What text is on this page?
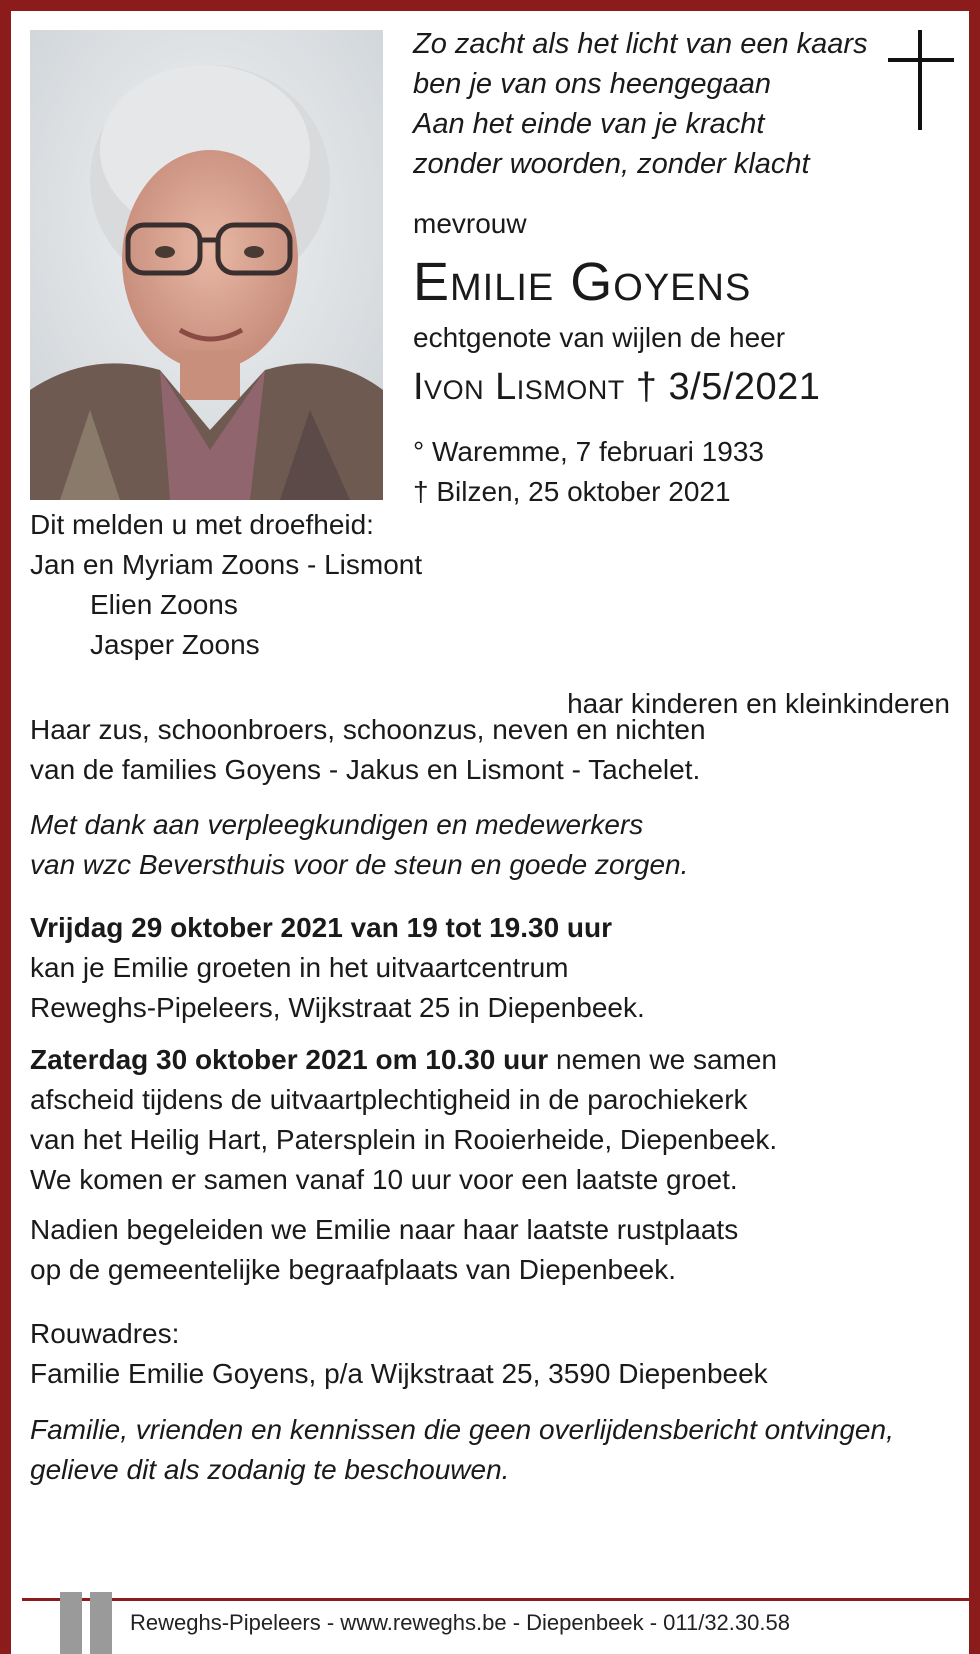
Zo zacht als het licht van een kaars
ben je van ons heengegaan
Aan het einde van je kracht
zonder woorden, zonder klacht
mevrouw
Emilie Goyens
echtgenote van wijlen de heer
Ivon Lismont † 3/5/2021
° Waremme, 7 februari 1933
† Bilzen, 25 oktober 2021
Dit melden u met droefheid:
Jan en Myriam Zoons - Lismont
Elien Zoons
Jasper Zoons
haar kinderen en kleinkinderen
Haar zus, schoonbroers, schoonzus, neven en nichten
van de families Goyens - Jakus en Lismont - Tachelet.
Met dank aan verpleegkundigen en medewerkers
van wzc Beversthuis voor de steun en goede zorgen.
Vrijdag 29 oktober 2021 van 19 tot 19.30 uur
kan je Emilie groeten in het uitvaartcentrum
Reweghs-Pipeleers, Wijkstraat 25 in Diepenbeek.
Zaterdag 30 oktober 2021 om 10.30 uur nemen we samen
afscheid tijdens de uitvaartplechtigheid in de parochiekerk
van het Heilig Hart, Patersplein in Rooierheide, Diepenbeek.
We komen er samen vanaf 10 uur voor een laatste groet.
Nadien begeleiden we Emilie naar haar laatste rustplaats
op de gemeentelijke begraafplaats van Diepenbeek.
Rouwadres:
Familie Emilie Goyens, p/a Wijkstraat 25, 3590 Diepenbeek
Familie, vrienden en kennissen die geen overlijdensbericht ontvingen,
gelieve dit als zodanig te beschouwen.
Reweghs-Pipeleers - www.reweghs.be - Diepenbeek - 011/32.30.58
